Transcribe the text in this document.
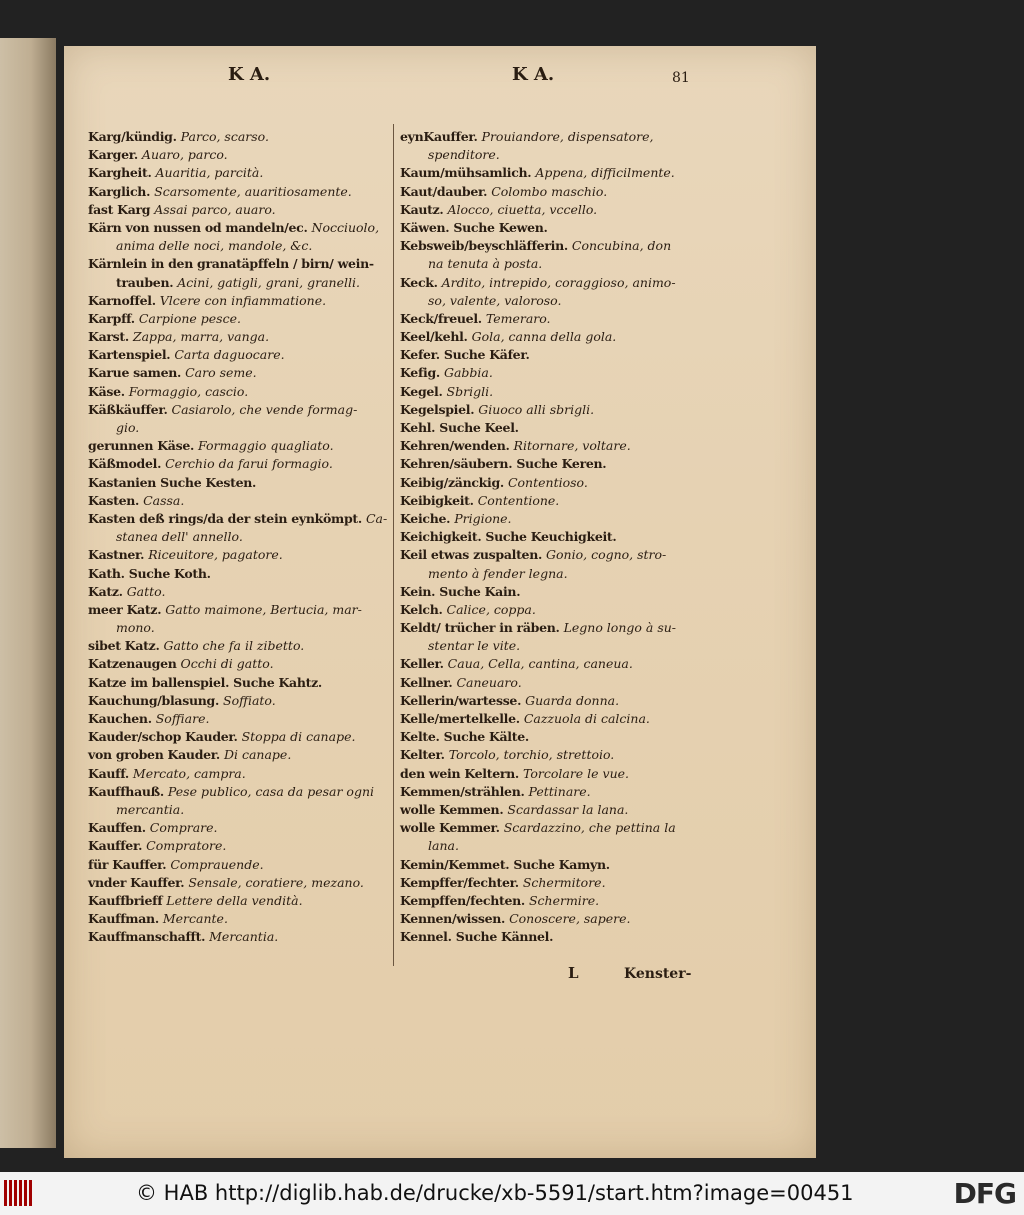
K A.	K A.	81
Karg/kündig. Parco, scarso.
Karger. Auaro, parco.
Kargheit. Auaritia, parcità.
Karglich. Scarsomente, auaritiosamente.
fast Karg Assai parco, auaro.
Kärn von nussen od mandeln/ec. Nocciuolo,
anima delle noci, mandole, &c.
Kärnlein in den granatäpffeln / birn/ wein-
trauben. Acini, gatigli, grani, granelli.
Karnoffel. Vlcere con infiammatione.
Karpff. Carpione pesce.
Karst. Zappa, marra, vanga.
Kartenspiel. Carta daguocare.
Karue samen. Caro seme.
Käse. Formaggio, cascio.
Käßkäuffer. Casiarolo, che vende formag-
gio.
gerunnen Käse. Formaggio quagliato.
Käßmodel. Cerchio da farui formagio.
Kastanien Suche Kesten.
Kasten. Cassa.
Kasten deß rings/da der stein eynkömpt. Ca-
stanea dell' annello.
Kastner. Riceuitore, pagatore.
Kath. Suche Koth.
Katz. Gatto.
meer Katz. Gatto maimone, Bertucia, mar-
mono.
sibet Katz. Gatto che fa il zibetto.
Katzenaugen Occhi di gatto.
Katze im ballenspiel. Suche Kahtz.
Kauchung/blasung. Soffiato.
Kauchen. Soffiare.
Kauder/schop Kauder. Stoppa di canape.
von groben Kauder. Di canape.
Kauff. Mercato, campra.
Kauffhauß. Pese publico, casa da pesar ogni
mercantia.
Kauffen. Comprare.
Kauffer. Compratore.
für Kauffer. Comprauende.
vnder Kauffer. Sensale, coratiere, mezano.
Kauffbrieff Lettere della vendità.
Kauffman. Mercante.
Kauffmanschafft. Mercantia.
eynKauffer. Prouiandore, dispensatore,
spenditore.
Kaum/mühsamlich. Appena, difficilmente.
Kaut/dauber. Colombo maschio.
Kautz. Alocco, ciuetta, vccello.
Käwen. Suche Kewen.
Kebsweib/beyschläfferin. Concubina, don
na tenuta à posta.
Keck. Ardito, intrepido, coraggioso, animo-
so, valente, valoroso.
Keck/freuel. Temeraro.
Keel/kehl. Gola, canna della gola.
Kefer. Suche Käfer.
Kefig. Gabbia.
Kegel. Sbrigli.
Kegelspiel. Giuoco alli sbrigli.
Kehl. Suche Keel.
Kehren/wenden. Ritornare, voltare.
Kehren/säubern. Suche Keren.
Keibig/zänckig. Contentioso.
Keibigkeit. Contentione.
Keiche. Prigione.
Keichigkeit. Suche Keuchigkeit.
Keil etwas zuspalten. Gonio, cogno, stro-
mento à fender legna.
Kein. Suche Kain.
Kelch. Calice, coppa.
Keldt/ trücher in räben. Legno longo à su-
stentar le vite.
Keller. Caua, Cella, cantina, caneua.
Kellner. Caneuaro.
Kellerin/wartesse. Guarda donna.
Kelle/mertelkelle. Cazzuola di calcina.
Kelte. Suche Kälte.
Kelter. Torcolo, torchio, strettoio.
den wein Keltern. Torcolare le vue.
Kemmen/strählen. Pettinare.
wolle Kemmen. Scardassar la lana.
wolle Kemmer. Scardazzino, che pettina la
lana.
Kemin/Kemmet. Suche Kamyn.
Kempffer/fechter. Schermitore.
Kempffen/fechten. Schermire.
Kennen/wissen. Conoscere, sapere.
Kennel. Suche Kännel.
L	Kenster-
© HAB http://diglib.hab.de/drucke/xb-5591/start.htm?image=00451	DFG
